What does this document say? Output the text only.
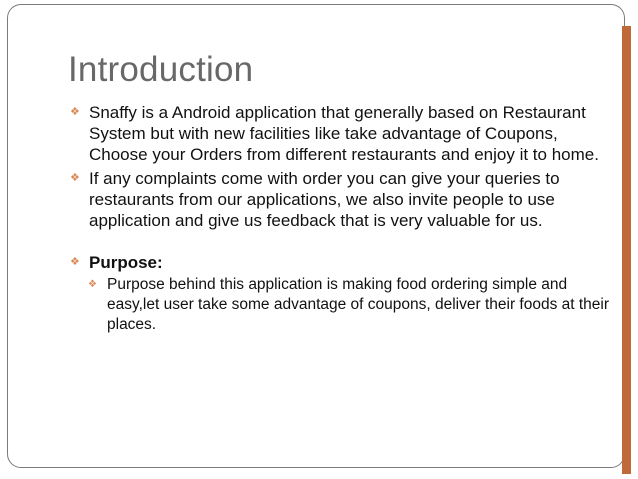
Introduction
❖ Snaffy is a Android application that generally based on Restaurant System but with new facilities like take advantage of Coupons, Choose your Orders from different restaurants and enjoy it to home.
❖ If any complaints come with order you can give your queries to restaurants from our applications, we also invite people to use application and give us feedback that is very valuable for us.
❖ Purpose:
❖ Purpose behind this application is making food ordering simple and easy,let user take some advantage of coupons, deliver their foods at their places.
